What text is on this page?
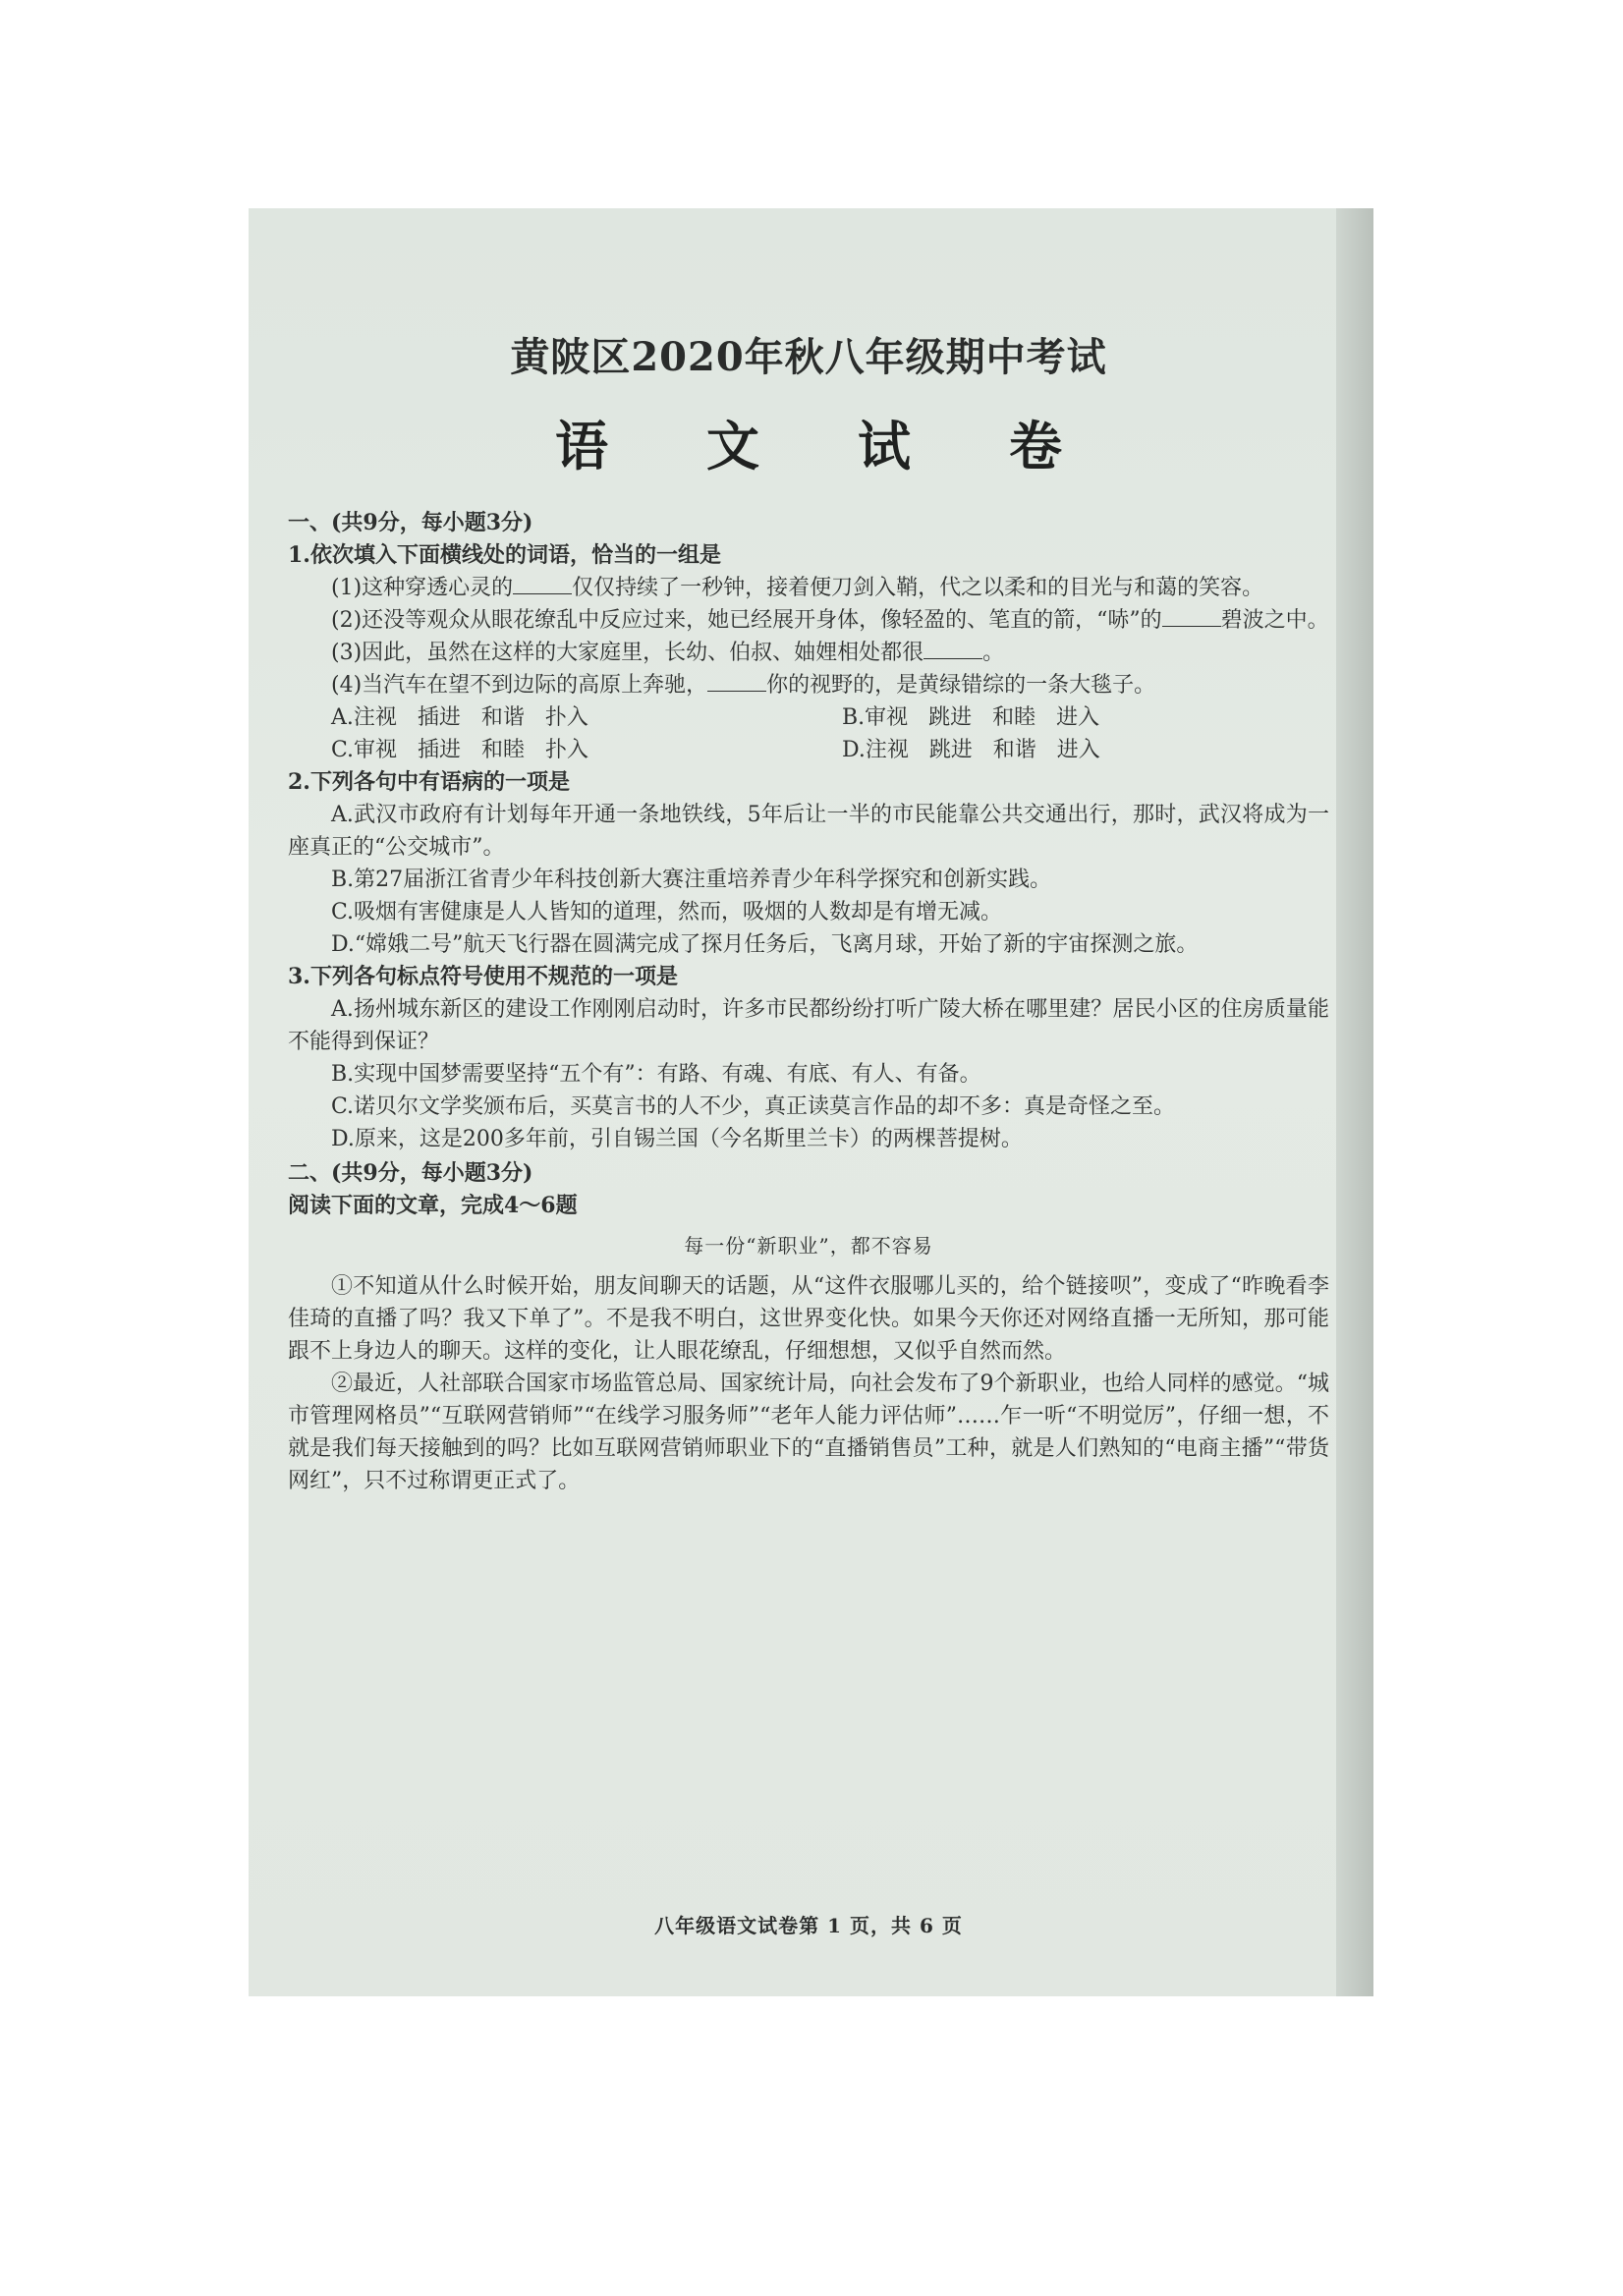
黄陂区2020年秋八年级期中考试
语 文 试 卷
一、(共9分，每小题3分)
1.依次填入下面横线处的词语，恰当的一组是

(1)这种穿透心灵的	仅仅持续了一秒钟，接着便刀剑入鞘，代之以柔和的目光与和蔼的笑容。

(2)还没等观众从眼花缭乱中反应过来，她已经展开身体，像轻盈的、笔直的箭，“哧”的	碧波之中。

(3)因此，虽然在这样的大家庭里，长幼、伯叔、妯娌相处都很	。

(4)当汽车在望不到边际的高原上奔驰，	你的视野的，是黄绿错综的一条大毯子。

A.注视   插进   和谐   扑入	B.审视   跳进   和睦   进入
C.审视   插进   和睦   扑入	D.注视   跳进   和谐   进入
2.下列各句中有语病的一项是

A.武汉市政府有计划每年开通一条地铁线，5年后让一半的市民能靠公共交通出行，那时，武汉将成为一座真正的“公交城市”。

B.第27届浙江省青少年科技创新大赛注重培养青少年科学探究和创新实践。

C.吸烟有害健康是人人皆知的道理，然而，吸烟的人数却是有增无减。

D.“嫦娥二号”航天飞行器在圆满完成了探月任务后，飞离月球，开始了新的宇宙探测之旅。

3.下列各句标点符号使用不规范的一项是

A.扬州城东新区的建设工作刚刚启动时，许多市民都纷纷打听广陵大桥在哪里建？居民小区的住房质量能不能得到保证？

B.实现中国梦需要坚持“五个有”：有路、有魂、有底、有人、有备。

C.诺贝尔文学奖颁布后，买莫言书的人不少，真正读莫言作品的却不多：真是奇怪之至。

D.原来，这是200多年前，引自锡兰国（今名斯里兰卡）的两棵菩提树。

二、(共9分，每小题3分)
阅读下面的文章，完成4～6题
每一份“新职业”，都不容易

①不知道从什么时候开始，朋友间聊天的话题，从“这件衣服哪儿买的，给个链接呗”，变成了“昨晚看李佳琦的直播了吗？我又下单了”。不是我不明白，这世界变化快。如果今天你还对网络直播一无所知，那可能跟不上身边人的聊天。这样的变化，让人眼花缭乱，仔细想想，又似乎自然而然。

②最近，人社部联合国家市场监管总局、国家统计局，向社会发布了9个新职业，也给人同样的感觉。“城市管理网格员”“互联网营销师”“在线学习服务师”“老年人能力评估师”……乍一听“不明觉厉”，仔细一想，不就是我们每天接触到的吗？比如互联网营销师职业下的“直播销售员”工种，就是人们熟知的“电商主播”“带货网红”，只不过称谓更正式了。

八年级语文试卷第 1 页，共 6 页
